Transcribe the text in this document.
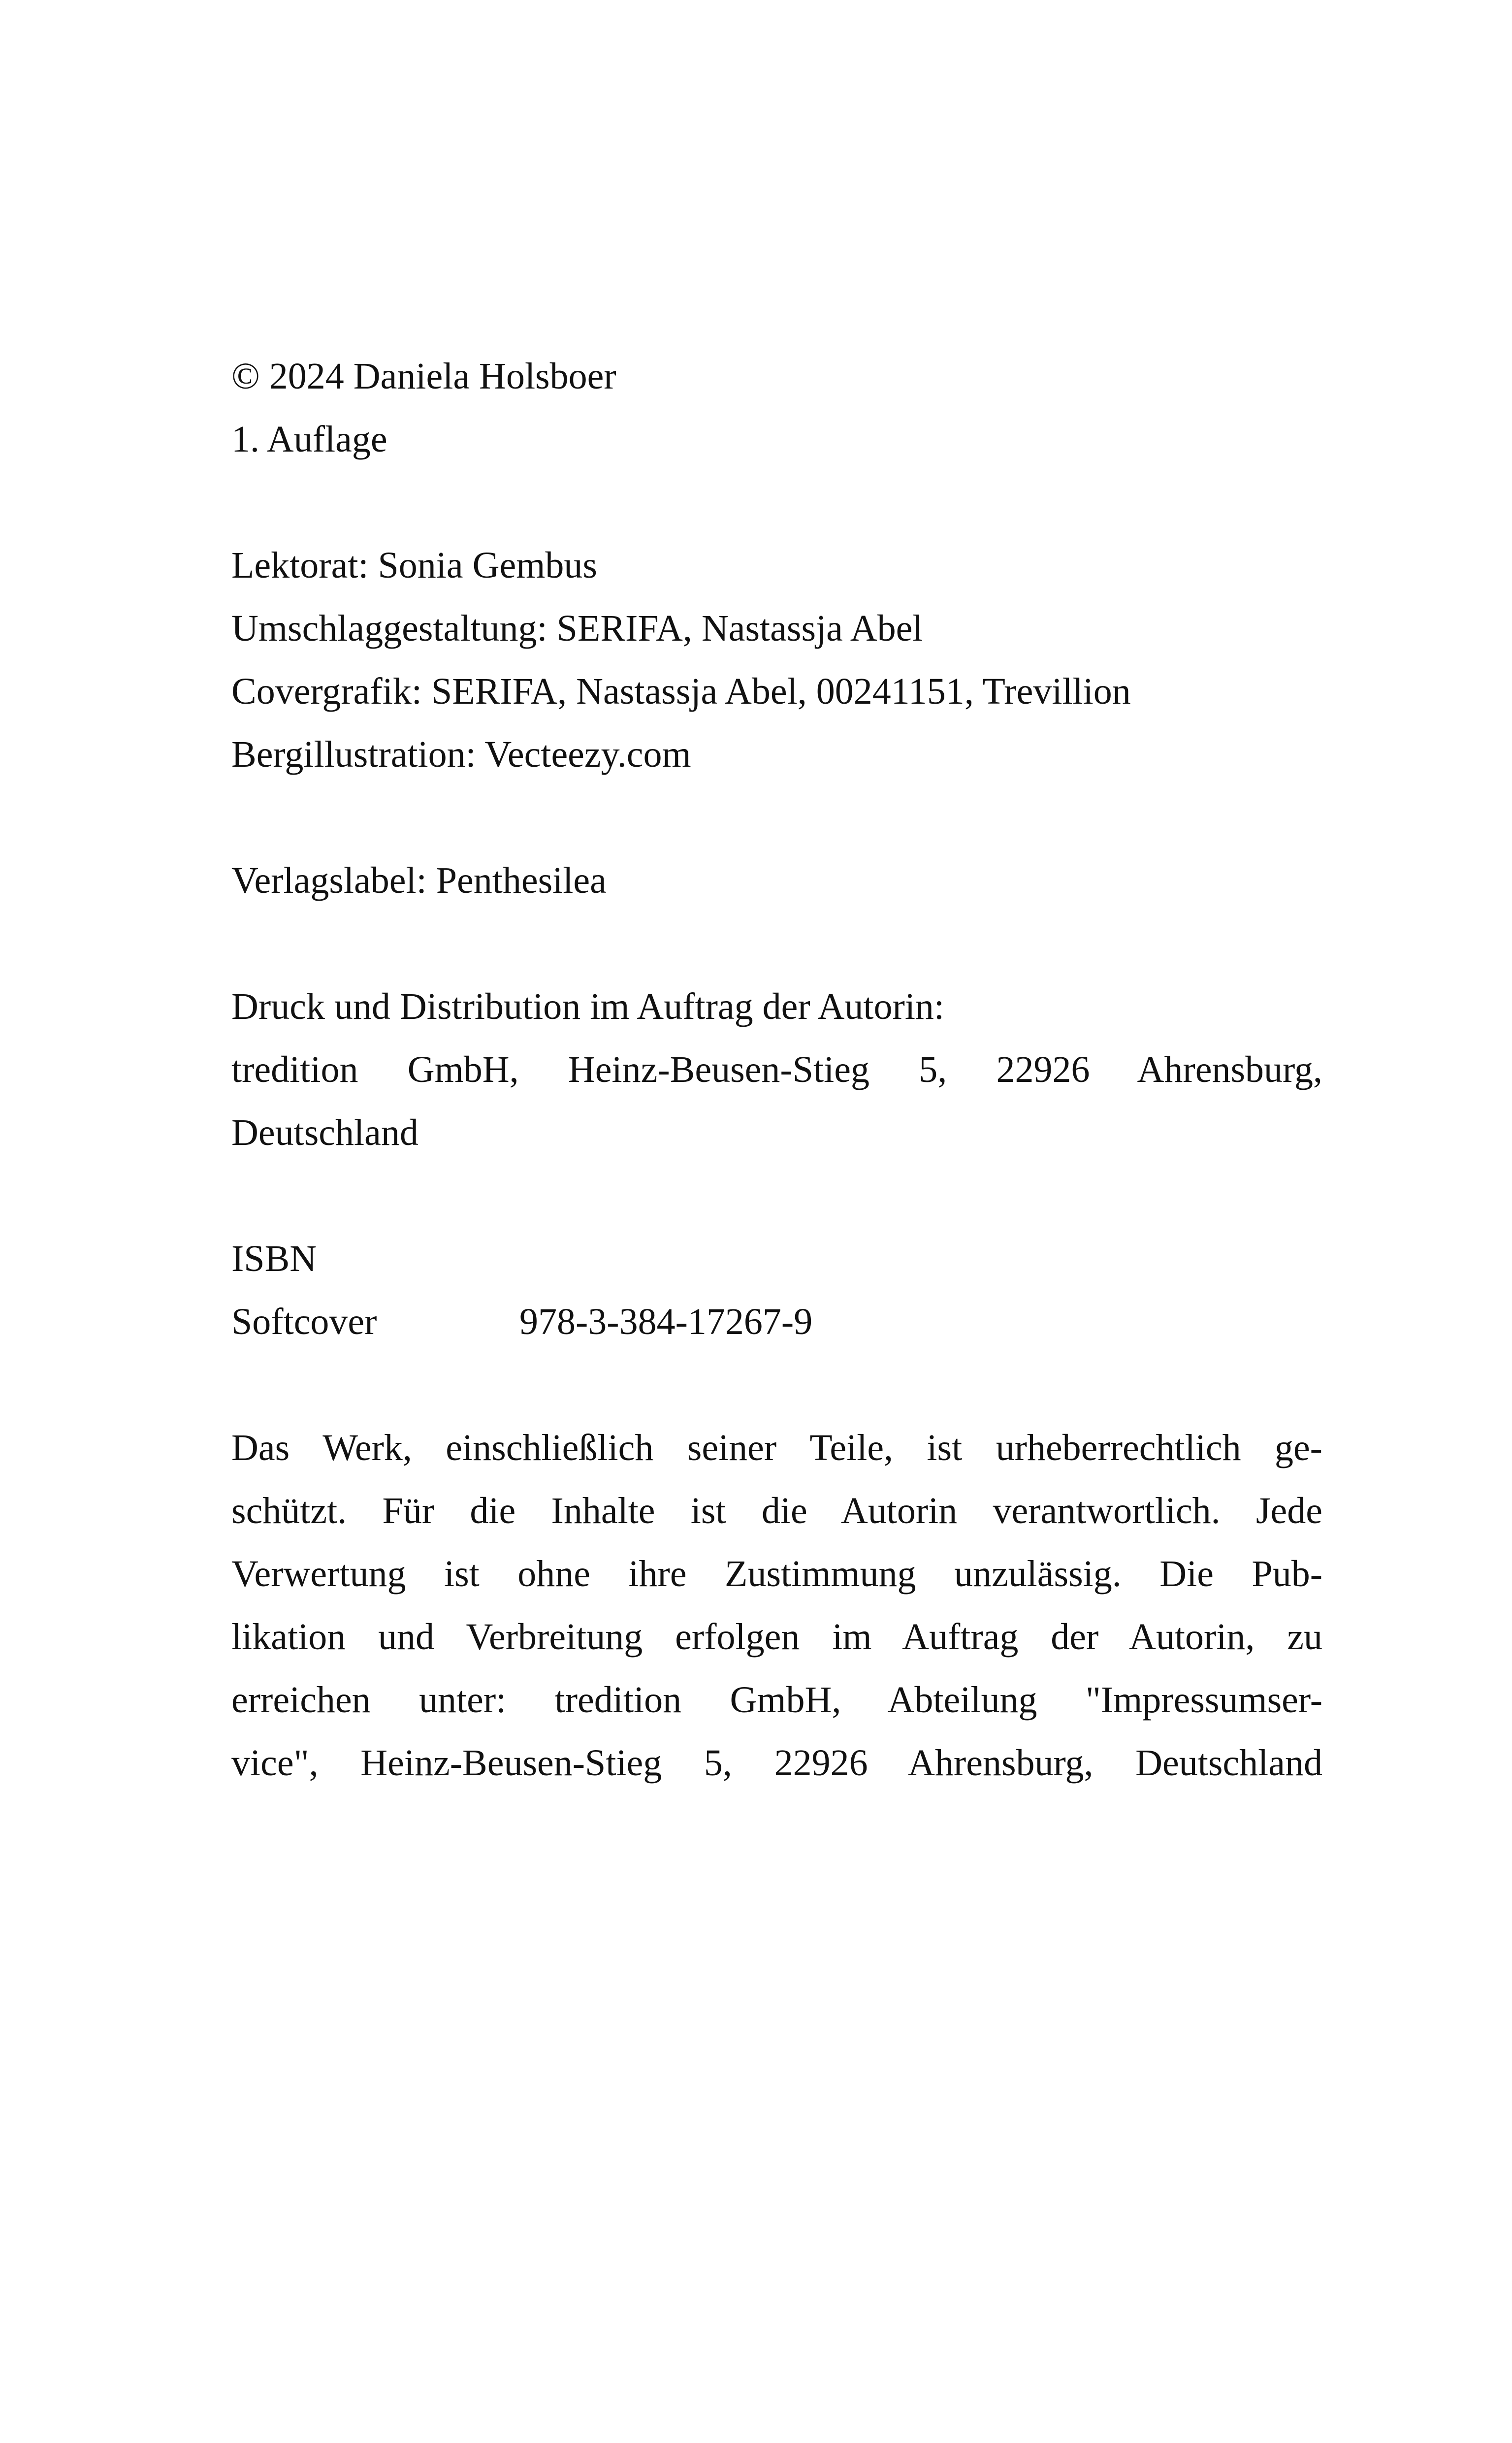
© 2024 Daniela Holsboer
1. Auflage
Lektorat: Sonia Gembus
Umschlaggestaltung: SERIFA, Nastassja Abel
Covergrafik: SERIFA, Nastassja Abel, 00241151, Trevillion
Bergillustration: Vecteezy.com
Verlagslabel: Penthesilea
Druck und Distribution im Auftrag der Autorin:
tredition GmbH, Heinz-Beusen-Stieg 5, 22926 Ahrensburg,
Deutschland
ISBN
Softcover	978-3-384-17267-9
Das Werk, einschließlich seiner Teile, ist urheberrechtlich ge-
schützt. Für die Inhalte ist die Autorin verantwortlich. Jede
Verwertung ist ohne ihre Zustimmung unzulässig. Die Pub-
likation und Verbreitung erfolgen im Auftrag der Autorin, zu
erreichen unter: tredition GmbH, Abteilung "Impressumser-
vice", Heinz-Beusen-Stieg 5, 22926 Ahrensburg, Deutschland
